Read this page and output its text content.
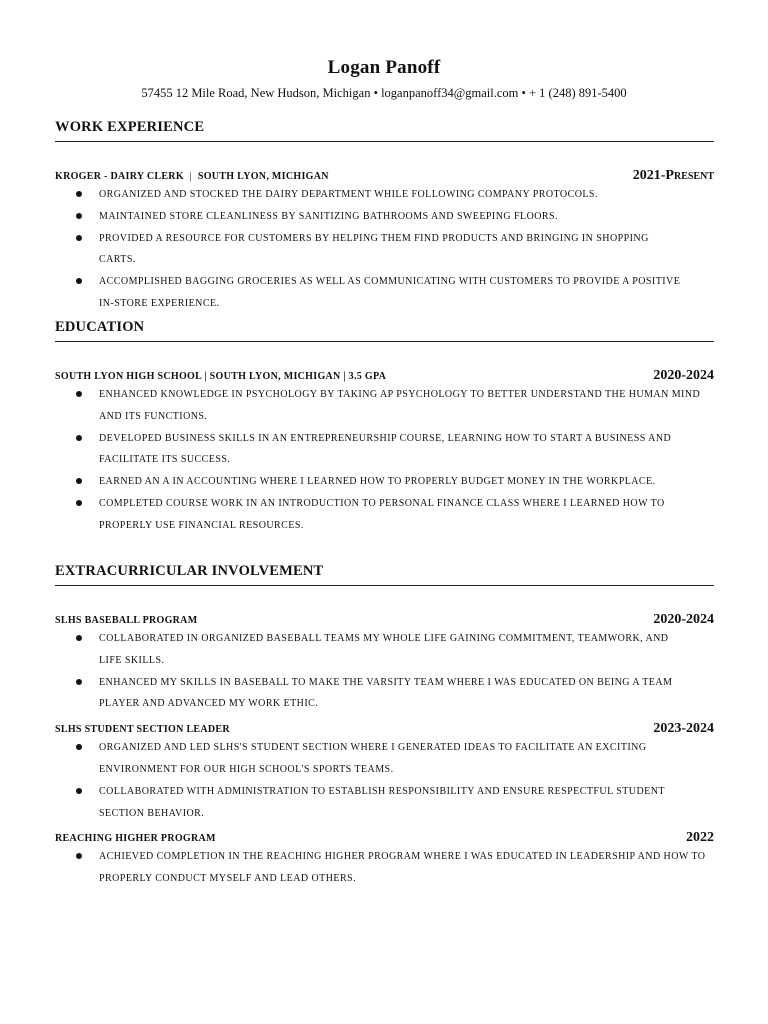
Logan Panoff
57455 12 Mile Road, New Hudson, Michigan • loganpanoff34@gmail.com • + 1 (248) 891-5400
WORK EXPERIENCE
KROGER - DAIRY CLERK | SOUTH LYON, MICHIGAN	2021-Present
ORGANIZED AND STOCKED THE DAIRY DEPARTMENT WHILE FOLLOWING COMPANY PROTOCOLS.
MAINTAINED STORE CLEANLINESS BY SANITIZING BATHROOMS AND SWEEPING FLOORS.
PROVIDED A RESOURCE FOR CUSTOMERS BY HELPING THEM FIND PRODUCTS AND BRINGING IN SHOPPING CARTS.
ACCOMPLISHED BAGGING GROCERIES AS WELL AS COMMUNICATING WITH CUSTOMERS TO PROVIDE A POSITIVE IN-STORE EXPERIENCE.
EDUCATION
SOUTH LYON HIGH SCHOOL | SOUTH LYON, MICHIGAN | 3.5 GPA	2020-2024
ENHANCED KNOWLEDGE IN PSYCHOLOGY BY TAKING AP PSYCHOLOGY TO BETTER UNDERSTAND THE HUMAN MIND AND ITS FUNCTIONS.
DEVELOPED BUSINESS SKILLS IN AN ENTREPRENEURSHIP COURSE, LEARNING HOW TO START A BUSINESS AND FACILITATE ITS SUCCESS.
EARNED AN A IN ACCOUNTING WHERE I LEARNED HOW TO PROPERLY BUDGET MONEY IN THE WORKPLACE.
COMPLETED COURSE WORK IN AN INTRODUCTION TO PERSONAL FINANCE CLASS WHERE I LEARNED HOW TO PROPERLY USE FINANCIAL RESOURCES.
EXTRACURRICULAR INVOLVEMENT
SLHS BASEBALL PROGRAM	2020-2024
COLLABORATED IN ORGANIZED BASEBALL TEAMS MY WHOLE LIFE GAINING COMMITMENT, TEAMWORK, AND LIFE SKILLS.
ENHANCED MY SKILLS IN BASEBALL TO MAKE THE VARSITY TEAM WHERE I WAS EDUCATED ON BEING A TEAM PLAYER AND ADVANCED MY WORK ETHIC.
SLHS STUDENT SECTION LEADER	2023-2024
ORGANIZED AND LED SLHS'S STUDENT SECTION WHERE I GENERATED IDEAS TO FACILITATE AN EXCITING ENVIRONMENT FOR OUR HIGH SCHOOL'S SPORTS TEAMS.
COLLABORATED WITH ADMINISTRATION TO ESTABLISH RESPONSIBILITY AND ENSURE RESPECTFUL STUDENT SECTION BEHAVIOR.
REACHING HIGHER PROGRAM	2022
ACHIEVED COMPLETION IN THE REACHING HIGHER PROGRAM WHERE I WAS EDUCATED IN LEADERSHIP AND HOW TO PROPERLY CONDUCT MYSELF AND LEAD OTHERS.
